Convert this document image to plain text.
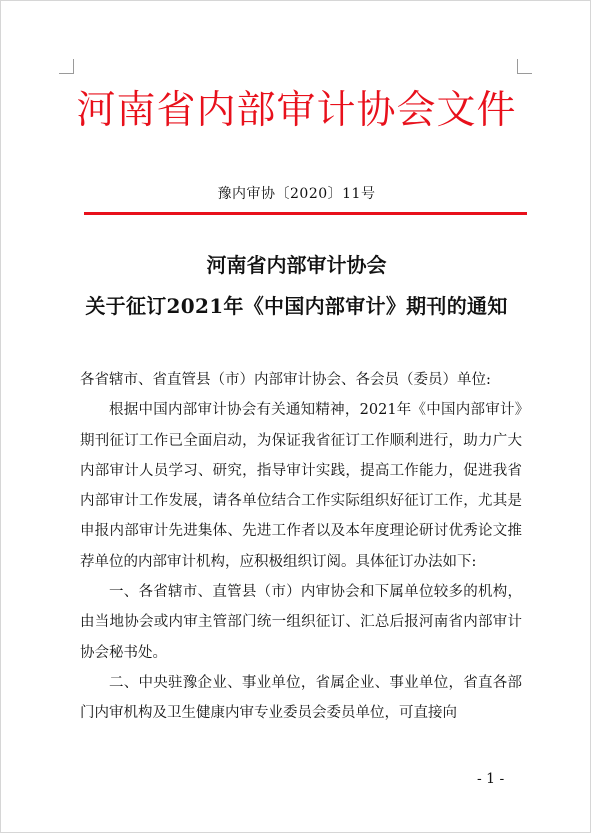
河南省内部审计协会文件
豫内审协〔2020〕11号
河南省内部审计协会
关于征订2021年《中国内部审计》期刊的通知

各省辖市、省直管县（市）内部审计协会、各会员（委员）单位:

根据中国内部审计协会有关通知精神，2021年《中国内部审计》期刊征订工作已全面启动，为保证我省征订工作顺利进行，助力广大内部审计人员学习、研究，指导审计实践，提高工作能力，促进我省内部审计工作发展，请各单位结合工作实际组织好征订工作，尤其是申报内部审计先进集体、先进工作者以及本年度理论研讨优秀论文推荐单位的内部审计机构，应积极组织订阅。具体征订办法如下:

一、各省辖市、直管县（市）内审协会和下属单位较多的机构，由当地协会或内审主管部门统一组织征订、汇总后报河南省内部审计协会秘书处。

二、中央驻豫企业、事业单位，省属企业、事业单位，省直各部门内审机构及卫生健康内审专业委员会委员单位，可直接向

- 1 -
